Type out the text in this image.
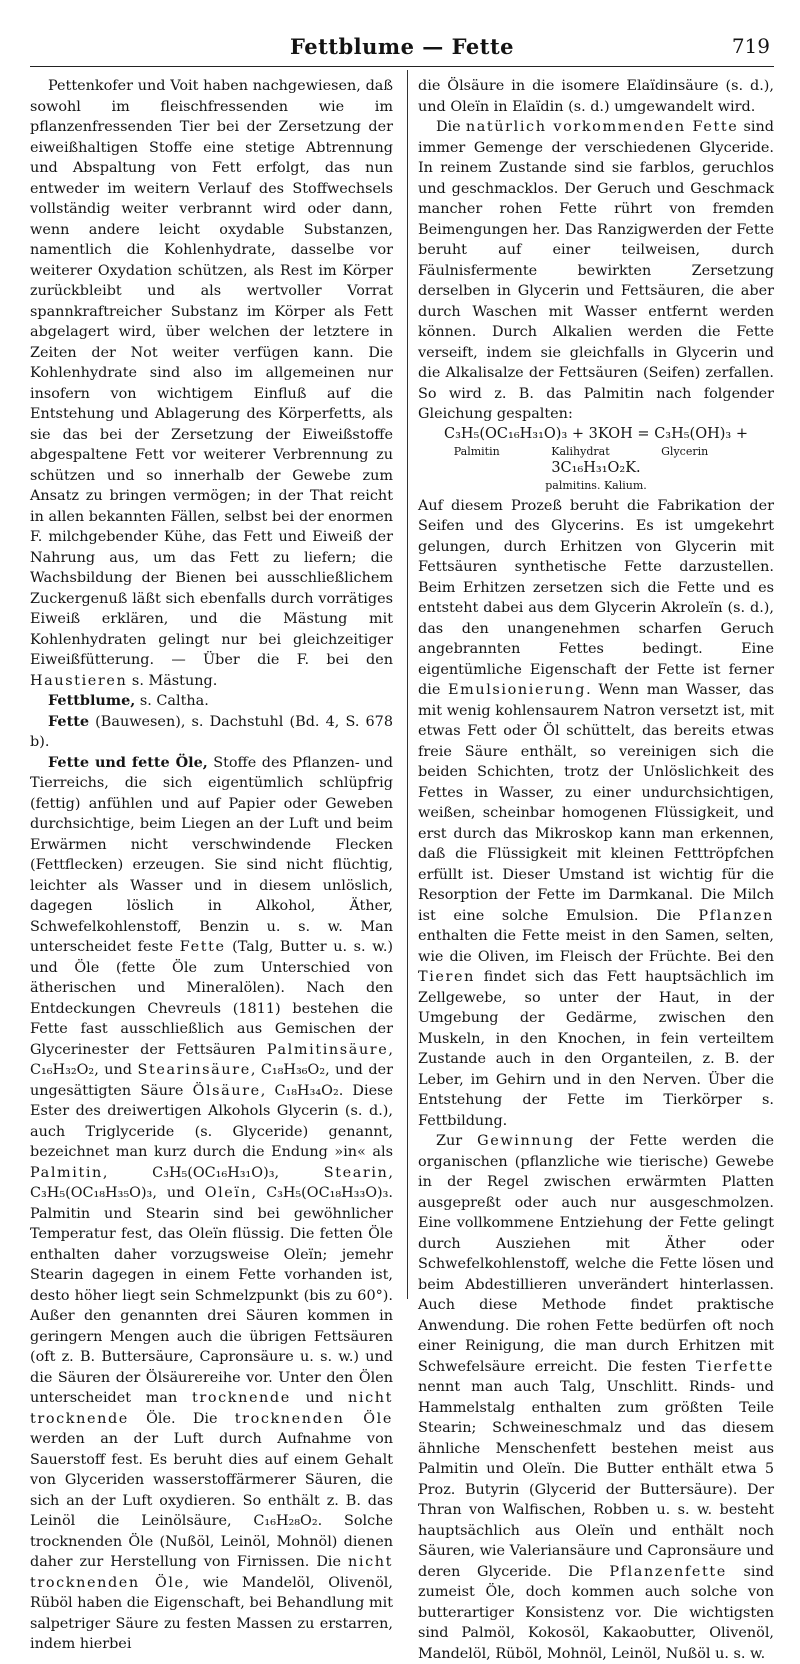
Fettblume — Fette	719

Pettenkofer und Voit haben nachgewiesen, daß sowohl im fleischfressenden wie im pflanzenfressenden Tier bei der Zersetzung der eiweißhaltigen Stoffe eine stetige Abtrennung und Abspaltung von Fett erfolgt, das nun entweder im weitern Verlauf des Stoffwechsels vollständig weiter verbrannt wird oder dann, wenn andere leicht oxydable Substanzen, namentlich die Kohlenhydrate, dasselbe vor weiterer Oxydation schützen, als Rest im Körper zurückbleibt und als wertvoller Vorrat spannkraftreicher Substanz im Körper als Fett abgelagert wird, über welchen der letztere in Zeiten der Not weiter verfügen kann. Die Kohlenhydrate sind also im allgemeinen nur insofern von wichtigem Einfluß auf die Entstehung und Ablagerung des Körperfetts, als sie das bei der Zersetzung der Eiweißstoffe abgespaltene Fett vor weiterer Verbrennung zu schützen und so innerhalb der Gewebe zum Ansatz zu bringen vermögen; in der That reicht in allen bekannten Fällen, selbst bei der enormen F. milchgebender Kühe, das Fett und Eiweiß der Nahrung aus, um das Fett zu liefern; die Wachsbildung der Bienen bei ausschließlichem Zuckergenuß läßt sich ebenfalls durch vorrätiges Eiweiß erklären, und die Mästung mit Kohlenhydraten gelingt nur bei gleichzeitiger Eiweißfütterung. — Über die F. bei den Haustieren s. Mästung.

Fettblume, s. Caltha.

Fette (Bauwesen), s. Dachstuhl (Bd. 4, S. 678 b).

Fette und fette Öle, Stoffe des Pflanzen- und Tierreichs, die sich eigentümlich schlüpfrig (fettig) anfühlen und auf Papier oder Geweben durchsichtige, beim Liegen an der Luft und beim Erwärmen nicht verschwindende Flecken (Fettflecken) erzeugen. Sie sind nicht flüchtig, leichter als Wasser und in diesem unlöslich, dagegen löslich in Alkohol, Äther, Schwefelkohlenstoff, Benzin u. s. w. Man unterscheidet feste Fette (Talg, Butter u. s. w.) und Öle (fette Öle zum Unterschied von ätherischen und Mineralölen). Nach den Entdeckungen Chevreuls (1811) bestehen die Fette fast ausschließlich aus Gemischen der Glycerinester der Fettsäuren Palmitinsäure, C₁₆H₃₂O₂, und Stearinsäure, C₁₈H₃₆O₂, und der ungesättigten Säure Ölsäure, C₁₈H₃₄O₂. Diese Ester des dreiwertigen Alkohols Glycerin (s. d.), auch Triglyceride (s. Glyceride) genannt, bezeichnet man kurz durch die Endung »in« als Palmitin, C₃H₅(OC₁₆H₃₁O)₃, Stearin, C₃H₅(OC₁₈H₃₅O)₃, und Oleïn, C₃H₅(OC₁₈H₃₃O)₃. Palmitin und Stearin sind bei gewöhnlicher Temperatur fest, das Oleïn flüssig. Die fetten Öle enthalten daher vorzugsweise Oleïn; jemehr Stearin dagegen in einem Fette vorhanden ist, desto höher liegt sein Schmelzpunkt (bis zu 60°). Außer den genannten drei Säuren kommen in geringern Mengen auch die übrigen Fettsäuren (oft z. B. Buttersäure, Capronsäure u. s. w.) und die Säuren der Ölsäurereihe vor. Unter den Ölen unterscheidet man trocknende und nicht trocknende Öle. Die trocknenden Öle werden an der Luft durch Aufnahme von Sauerstoff fest. Es beruht dies auf einem Gehalt von Glyceriden wasserstoffärmerer Säuren, die sich an der Luft oxydieren. So enthält z. B. das Leinöl die Leinölsäure, C₁₆H₂₈O₂. Solche trocknenden Öle (Nußöl, Leinöl, Mohnöl) dienen daher zur Herstellung von Firnissen. Die nicht trocknenden Öle, wie Mandelöl, Olivenöl, Rüböl haben die Eigenschaft, bei Behandlung mit salpetriger Säure zu festen Massen zu erstarren, indem hierbei

die Ölsäure in die isomere Elaïdinsäure (s. d.), und Oleïn in Elaïdin (s. d.) umgewandelt wird.

Die natürlich vorkommenden Fette sind immer Gemenge der verschiedenen Glyceride. In reinem Zustande sind sie farblos, geruchlos und geschmacklos. Der Geruch und Geschmack mancher rohen Fette rührt von fremden Beimengungen her. Das Ranzigwerden der Fette beruht auf einer teilweisen, durch Fäulnisfermente bewirkten Zersetzung derselben in Glycerin und Fettsäuren, die aber durch Waschen mit Wasser entfernt werden können. Durch Alkalien werden die Fette verseift, indem sie gleichfalls in Glycerin und die Alkalisalze der Fettsäuren (Seifen) zerfallen. So wird z. B. das Palmitin nach folgender Gleichung gespalten:

C₃H₅(OC₁₆H₃₁O)₃ + 3KOH = C₃H₅(OH)₃ +
Palmitin	Kalihydrat	Glycerin
3C₁₆H₃₁O₂K.
palmitins. Kalium.

Auf diesem Prozeß beruht die Fabrikation der Seifen und des Glycerins. Es ist umgekehrt gelungen, durch Erhitzen von Glycerin mit Fettsäuren synthetische Fette darzustellen. Beim Erhitzen zersetzen sich die Fette und es entsteht dabei aus dem Glycerin Akroleïn (s. d.), das den unangenehmen scharfen Geruch angebrannten Fettes bedingt. Eine eigentümliche Eigenschaft der Fette ist ferner die Emulsionierung. Wenn man Wasser, das mit wenig kohlensaurem Natron versetzt ist, mit etwas Fett oder Öl schüttelt, das bereits etwas freie Säure enthält, so vereinigen sich die beiden Schichten, trotz der Unlöslichkeit des Fettes in Wasser, zu einer undurchsichtigen, weißen, scheinbar homogenen Flüssigkeit, und erst durch das Mikroskop kann man erkennen, daß die Flüssigkeit mit kleinen Fetttröpfchen erfüllt ist. Dieser Umstand ist wichtig für die Resorption der Fette im Darmkanal. Die Milch ist eine solche Emulsion. Die Pflanzen enthalten die Fette meist in den Samen, selten, wie die Oliven, im Fleisch der Früchte. Bei den Tieren findet sich das Fett hauptsächlich im Zellgewebe, so unter der Haut, in der Umgebung der Gedärme, zwischen den Muskeln, in den Knochen, in fein verteiltem Zustande auch in den Organteilen, z. B. der Leber, im Gehirn und in den Nerven. Über die Entstehung der Fette im Tierkörper s. Fettbildung.

Zur Gewinnung der Fette werden die organischen (pflanzliche wie tierische) Gewebe in der Regel zwischen erwärmten Platten ausgepreßt oder auch nur ausgeschmolzen. Eine vollkommene Entziehung der Fette gelingt durch Ausziehen mit Äther oder Schwefelkohlenstoff, welche die Fette lösen und beim Abdestillieren unverändert hinterlassen. Auch diese Methode findet praktische Anwendung. Die rohen Fette bedürfen oft noch einer Reinigung, die man durch Erhitzen mit Schwefelsäure erreicht. Die festen Tierfette nennt man auch Talg, Unschlitt. Rinds- und Hammelstalg enthalten zum größten Teile Stearin; Schweineschmalz und das diesem ähnliche Menschenfett bestehen meist aus Palmitin und Oleïn. Die Butter enthält etwa 5 Proz. Butyrin (Glycerid der Buttersäure). Der Thran von Walfischen, Robben u. s. w. besteht hauptsächlich aus Oleïn und enthält noch Säuren, wie Valeriansäure und Capronsäure und deren Glyceride. Die Pflanzenfette sind zumeist Öle, doch kommen auch solche von butterartiger Konsistenz vor. Die wichtigsten sind Palmöl, Kokosöl, Kakaobutter, Olivenöl, Mandelöl, Rüböl, Mohnöl, Leinöl, Nußöl u. s. w.
